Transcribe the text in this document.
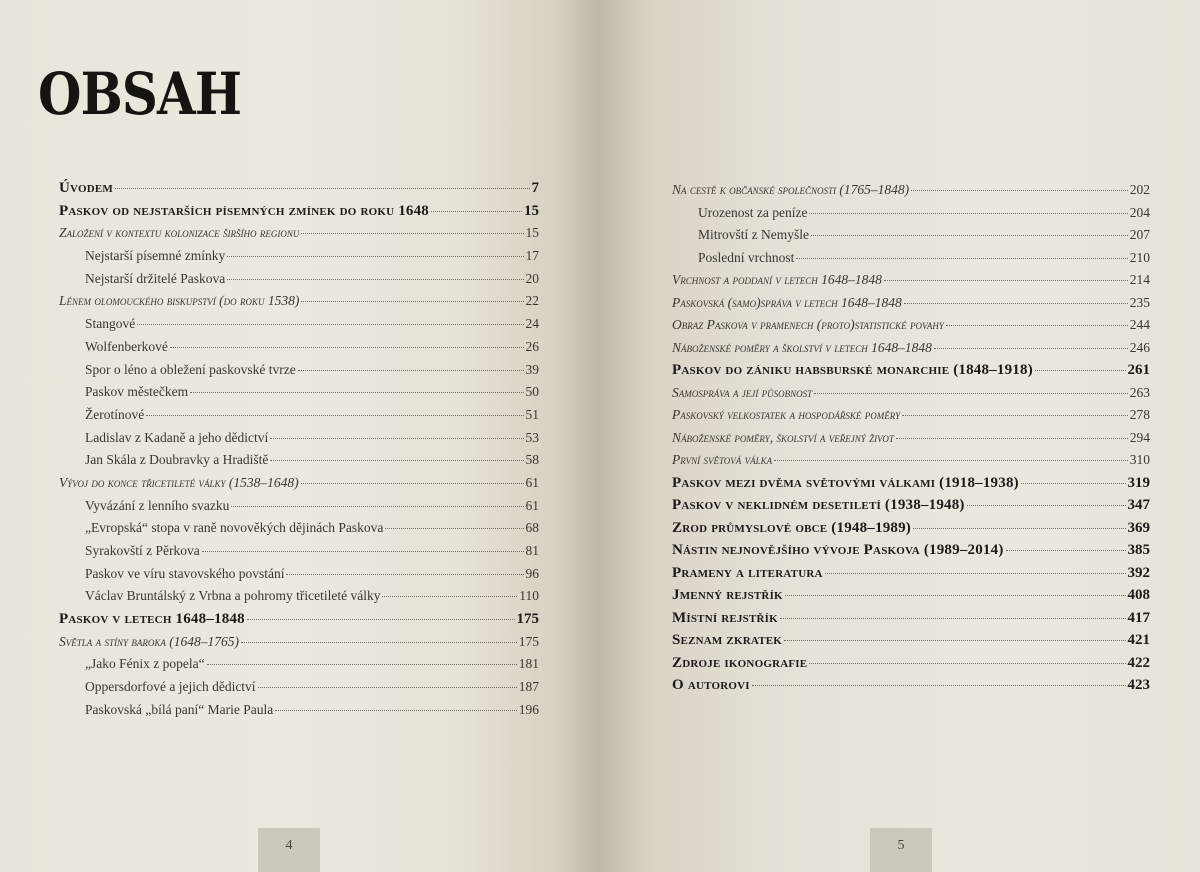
OBSAH
Úvodem	7
Paskov od nejstarších písemných zmínek do roku 1648	15
Založení v kontextu kolonizace širšího regionu	15
Nejstarší písemné zmínky	17
Nejstarší držitelé Paskova	20
Lénem olomouckého biskupství (do roku 1538)	22
Stangové	24
Wolfenberkové	26
Spor o léno a obležení paskovské tvrze	39
Paskov městečkem	50
Žerotínové	51
Ladislav z Kadaně a jeho dědictví	53
Jan Skála z Doubravky a Hradiště	58
Vývoj do konce třicetileté války (1538–1648)	61
Vyvázání z lenního svazku	61
„Evropská“ stopa v raně novověkých dějinách Paskova	68
Syrakovští z Pěrkova	81
Paskov ve víru stavovského povstání	96
Václav Bruntálský z Vrbna a pohromy třicetileté války	110
Paskov v letech 1648–1848	175
Světla a stíny baroka (1648–1765)	175
„Jako Fénix z popela“	181
Oppersdorfové a jejich dědictví	187
Paskovská „bílá paní“ Marie Paula	196
4
Na cestě k občanské společnosti (1765–1848)	202
Urozenost za peníze	204
Mitrovští z Nemyšle	207
Poslední vrchnost	210
Vrchnost a poddaní v letech 1648–1848	214
Paskovská (samo)správa v letech 1648–1848	235
Obraz Paskova v pramenech (proto)statistické povahy	244
Náboženské poměry a školství v letech 1648–1848	246
Paskov do zániku habsburské monarchie (1848–1918)	261
Samospráva a její působnost	263
Paskovský velkostatek a hospodářské poměry	278
Náboženské poměry, školství a veřejný život	294
První světová válka	310
Paskov mezi dvěma světovými válkami (1918–1938)	319
Paskov v neklidném desetiletí (1938–1948)	347
Zrod průmyslové obce (1948–1989)	369
Nástin nejnovějšího vývoje Paskova (1989–2014)	385
Prameny a literatura	392
Jmenný rejstřík	408
Místní rejstřík	417
Seznam zkratek	421
Zdroje ikonografie	422
O autorovi	423
5
